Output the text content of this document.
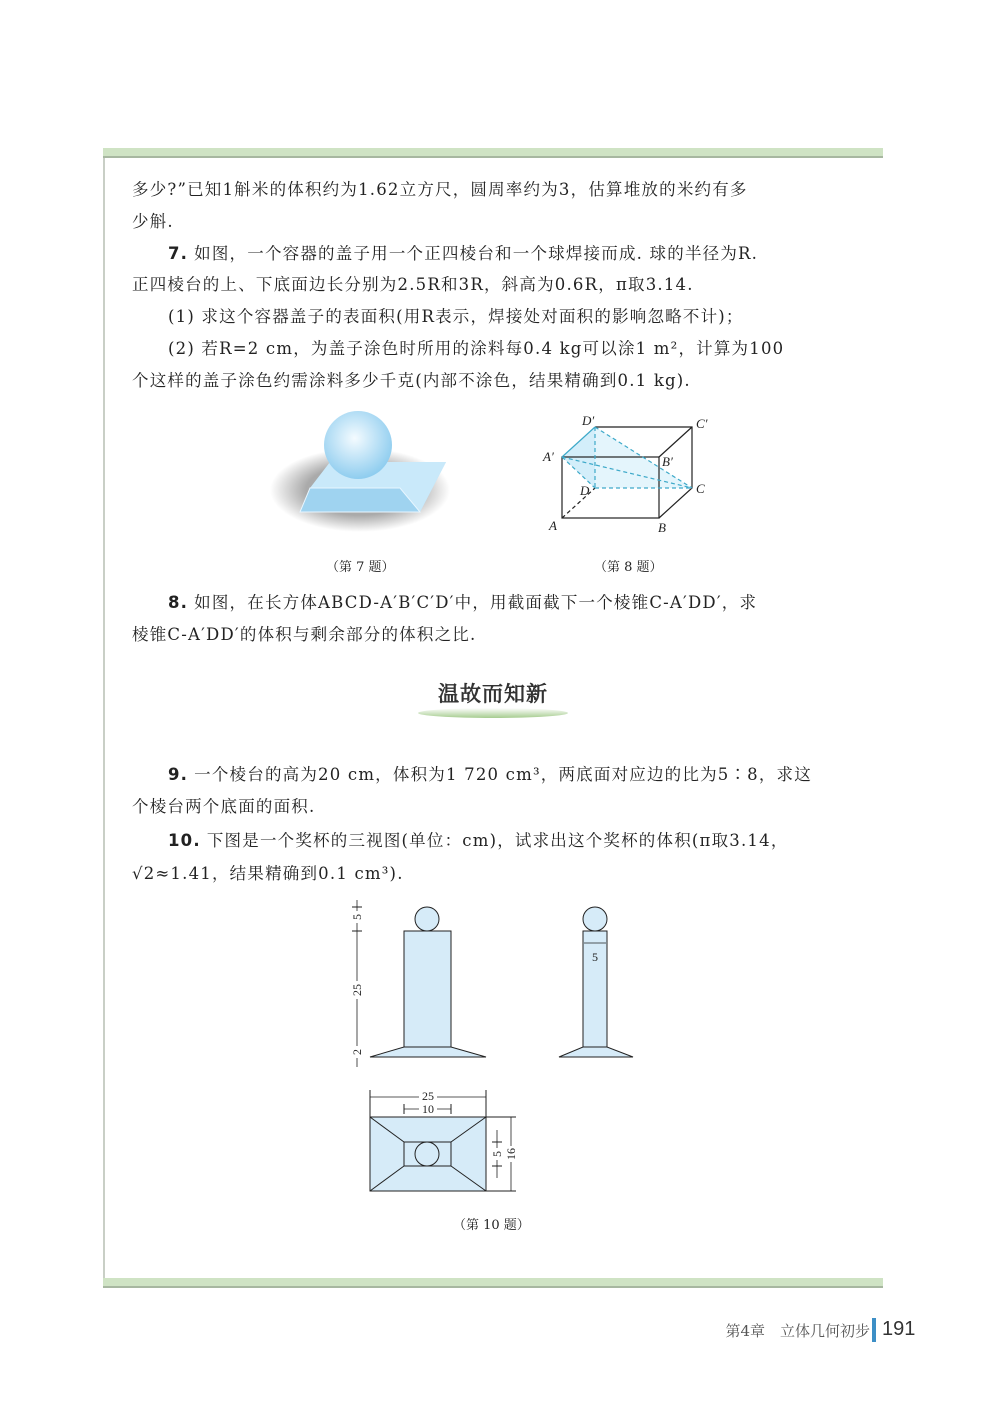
多少?”已知1斛米的体积约为1.62立方尺，圆周率约为3，估算堆放的米约有多
少斛.
7. 如图，一个容器的盖子用一个正四棱台和一个球焊接而成. 球的半径为R.
正四棱台的上、下底面边长分别为2.5R和3R，斜高为0.6R，π取3.14.
(1) 求这个容器盖子的表面积(用R表示，焊接处对面积的影响忽略不计)；
(2) 若R=2 cm，为盖子涂色时所用的涂料每0.4 kg可以涂1 m²，计算为100
个这样的盖子涂色约需涂料多少千克(内部不涂色，结果精确到0.1 kg).
D′	C′
A′	B′
D	C
A	B
5
25
2
5
25
10
16
5
（第 7 题）	（第 8 题）
8. 如图，在长方体ABCD-A′B′C′D′中，用截面截下一个棱锥C-A′DD′，求
棱锥C-A′DD′的体积与剩余部分的体积之比.
温故而知新
9. 一个棱台的高为20 cm，体积为1 720 cm³，两底面对应边的比为5∶8，求这
个棱台两个底面的面积.
10. 下图是一个奖杯的三视图(单位：cm)，试求出这个奖杯的体积(π取3.14，
√2≈1.41，结果精确到0.1 cm³).
（第 10 题）
第4章　立体几何初步 191
